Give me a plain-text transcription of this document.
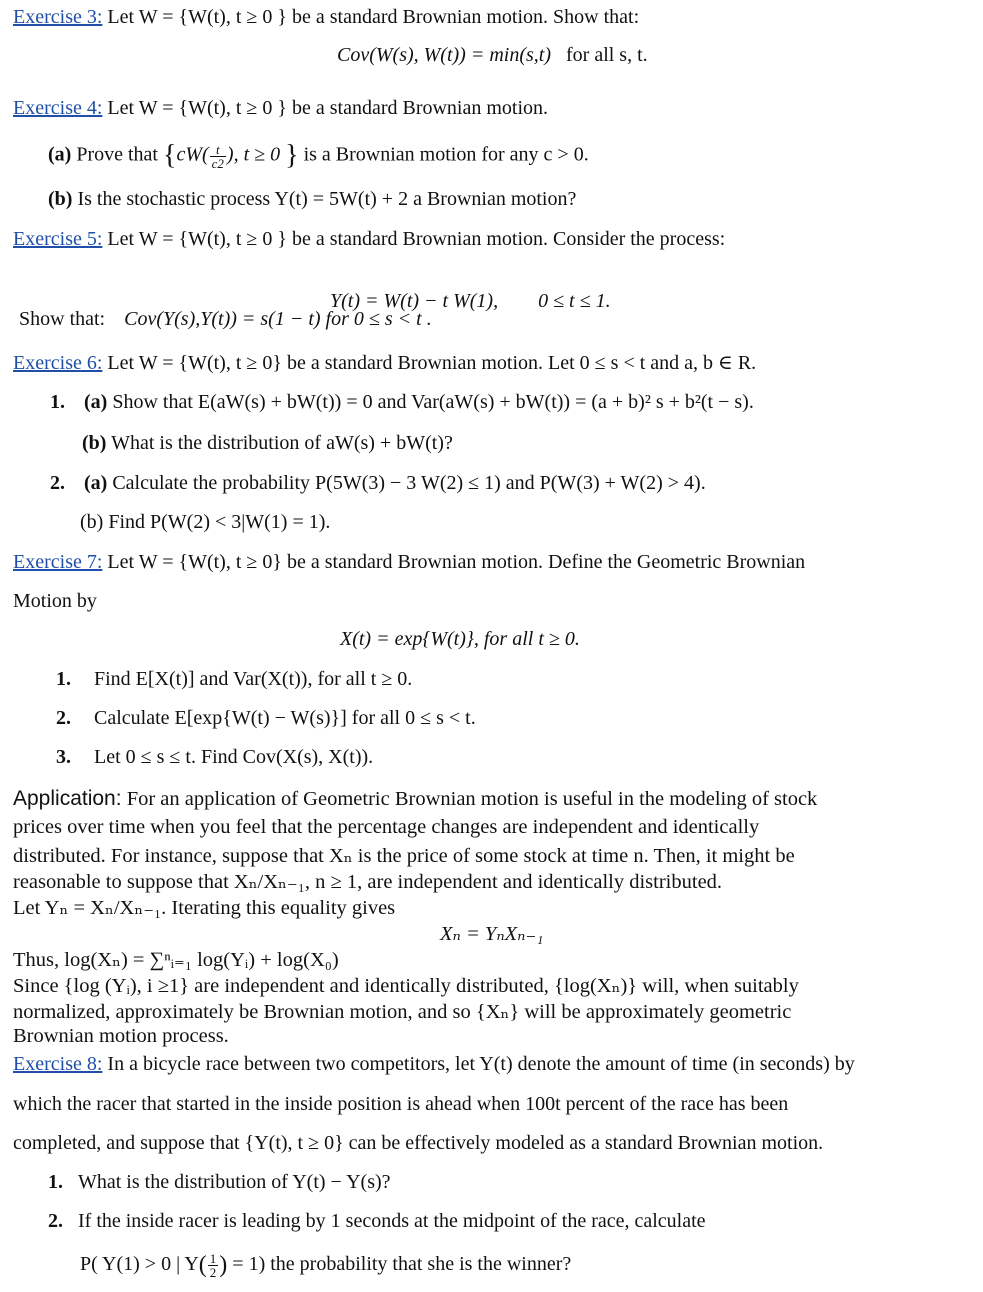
Exercise 3: Let W = {W(t), t ≥ 0 } be a standard Brownian motion. Show that:
Cov(W(s), W(t)) = min(s,t) for all s, t.
Exercise 4: Let W = {W(t), t ≥ 0 } be a standard Brownian motion.
(a) Prove that {$cW( \frac{t}{c2}$ ), t ≥ 0 } is a Brownian motion for any c > 0.
(b) Is the stochastic process Y(t) = 5W(t) + 2 a Brownian motion?
Exercise 5: Let W = {W(t), t ≥ 0 } be a standard Brownian motion. Consider the process:

Y(t) = W(t) − t W(1),        0 ≤ t ≤ 1.

Show that: Cov(Y(s),Y(t)) = s(1 − t) for 0 ≤ s < t .
Exercise 6: Let W = {W(t), t ≥ 0} be a standard Brownian motion. Let 0 ≤ s < t and a, b ∈ R.
1. (a) Show that E(aW(s) + bW(t)) = 0 and Var(aW(s) + bW(t)) = (a + b)² s + b²(t − s).
(b) What is the distribution of aW(s) + bW(t)?
2. (a) Calculate the probability P(5W(3) − 3 W(2) ≤ 1) and P(W(3) + W(2) > 4).
(b) Find P(W(2) < 3|W(1) = 1).
Exercise 7: Let W = {W(t), t ≥ 0} be a standard Brownian motion. Define the Geometric Brownian
Motion by
X(t) = exp{W(t)}, for all t ≥ 0.
1. Find E[X(t)] and Var(X(t)), for all t ≥ 0.
2. Calculate E[exp{W(t) − W(s)}] for all 0 ≤ s < t.
3. Let 0 ≤ s ≤ t. Find Cov(X(s), X(t)).
Application: For an application of Geometric Brownian motion is useful in the modeling of stock
prices over time when you feel that the percentage changes are independent and identically
distributed. For instance, suppose that Xₙ is the price of some stock at time n. Then, it might be
reasonable to suppose that Xₙ/Xₙ₋₁, n ≥ 1, are independent and identically distributed.
Let Yₙ = Xₙ/Xₙ₋₁. Iterating this equality gives
Xₙ = YₙXₙ₋₁
Thus, log(Xₙ) = ∑ⁿᵢ₌₁ log(Yᵢ) + log(X₀)
Since {log (Yᵢ), i ≥1} are independent and identically distributed, {log(Xₙ)} will, when suitably
normalized, approximately be Brownian motion, and so {Xₙ} will be approximately geometric
Brownian motion process.
Exercise 8: In a bicycle race between two competitors, let Y(t) denote the amount of time (in seconds) by
which the racer that started in the inside position is ahead when 100t percent of the race has been
completed, and suppose that {Y(t), t ≥ 0} can be effectively modeled as a standard Brownian motion.
1. What is the distribution of Y(t) − Y(s)?
2. If the inside racer is leading by 1 seconds at the midpoint of the race, calculate
P( Y(1) > 0 | $Y( \frac{1}{2}$ ) = 1) the probability that she is the winner?
